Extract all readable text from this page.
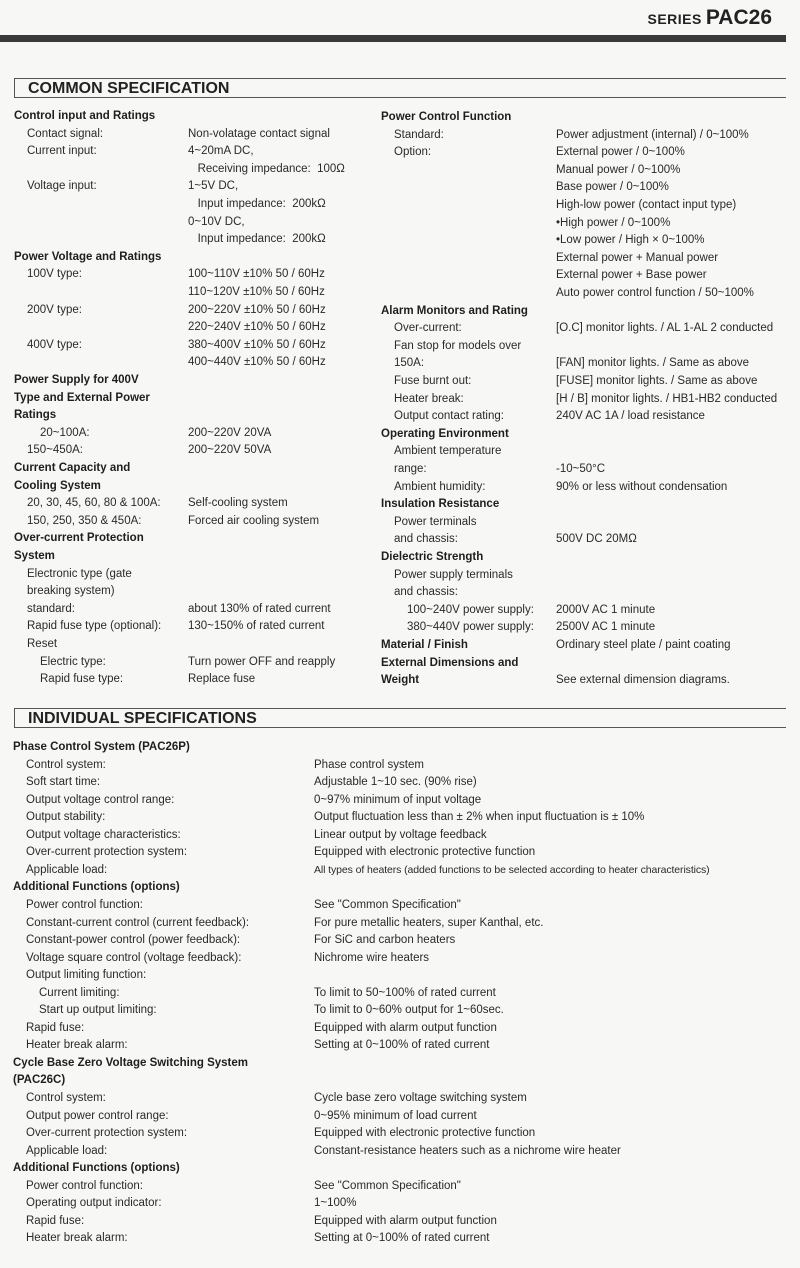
SERIES PAC26
COMMON SPECIFICATION
Control input and Ratings
Contact signal:	Non-volatage contact signal
Current input:	4~20mA DC,
Receiving impedance:  100Ω
Voltage input:	1~5V DC,
Input impedance:  200kΩ
0~10V DC,
Input impedance:  200kΩ
Power Voltage and Ratings
100V type:	100~110V ±10% 50 / 60Hz
110~120V ±10% 50 / 60Hz
200V type:	200~220V ±10% 50 / 60Hz
220~240V ±10% 50 / 60Hz
400V type:	380~400V ±10% 50 / 60Hz
400~440V ±10% 50 / 60Hz
Power Supply for 400V
Type and External Power
Ratings
20~100A:	200~220V 20VA
150~450A:	200~220V 50VA
Current Capacity and
Cooling System
20, 30, 45, 60, 80 & 100A: Self-cooling system
150, 250, 350 & 450A:	Forced air cooling system
Over-current Protection
System
Electronic type (gate
breaking system)
standard:	about 130% of rated current
Rapid fuse type (optional): 130~150% of rated current
Reset
Electric type:	Turn power OFF and reapply
Rapid fuse type:	Replace fuse
Power Control Function
Standard:	Power adjustment (internal) / 0~100%
Option:	External power / 0~100%
Manual power / 0~100%
Base power / 0~100%
High-low power (contact input type)
•High power / 0~100%
•Low power / High × 0~100%
External power + Manual power
External power + Base power
Auto power control function / 50~100%
Alarm Monitors and Rating
Over-current:	[O.C] monitor lights. / AL 1-AL 2 conducted
Fan stop for models over
150A:	[FAN] monitor lights. / Same as above
Fuse burnt out:	[FUSE] monitor lights. / Same as above
Heater break:	[H / B] monitor lights. / HB1-HB2 conducted
Output contact rating:	240V AC 1A / load resistance
Operating Environment
Ambient temperature
range:	-10~50°C
Ambient humidity:	90% or less without condensation
Insulation Resistance
Power terminals
and chassis:	500V DC 20MΩ
Dielectric Strength
Power supply terminals
and chassis:
100~240V power supply: 2000V AC 1 minute
380~440V power supply: 2500V AC 1 minute
Material / Finish	Ordinary steel plate / paint coating
External Dimensions and
Weight	See external dimension diagrams.
INDIVIDUAL SPECIFICATIONS
Phase Control System (PAC26P)
Control system:	Phase control system
Soft start time:	Adjustable 1~10 sec. (90% rise)
Output voltage control range:	0~97% minimum of input voltage
Output stability:	Output fluctuation less than ± 2% when input fluctuation is ± 10%
Output voltage characteristics:	Linear output by voltage feedback
Over-current protection system:	Equipped with electronic protective function
Applicable load:	All types of heaters (added functions to be selected according to heater characteristics)
Additional Functions (options)
Power control function:	See "Common Specification"
Constant-current control (current feedback):	For pure metallic heaters, super Kanthal, etc.
Constant-power control (power feedback):	For SiC and carbon heaters
Voltage square control (voltage feedback):	Nichrome wire heaters
Output limiting function:
Current limiting:	To limit to 50~100% of rated current
Start up output limiting:	To limit to 0~60% output for 1~60sec.
Rapid fuse:	Equipped with alarm output function
Heater break alarm:	Setting at 0~100% of rated current
Cycle Base Zero Voltage Switching System
(PAC26C)
Control system:	Cycle base zero voltage switching system
Output power control range:	0~95% minimum of load current
Over-current protection system:	Equipped with electronic protective function
Applicable load:	Constant-resistance heaters such as a nichrome wire heater
Additional Functions (options)
Power control function:	See "Common Specification"
Operating output indicator:	1~100%
Rapid fuse:	Equipped with alarm output function
Heater break alarm:	Setting at 0~100% of rated current
